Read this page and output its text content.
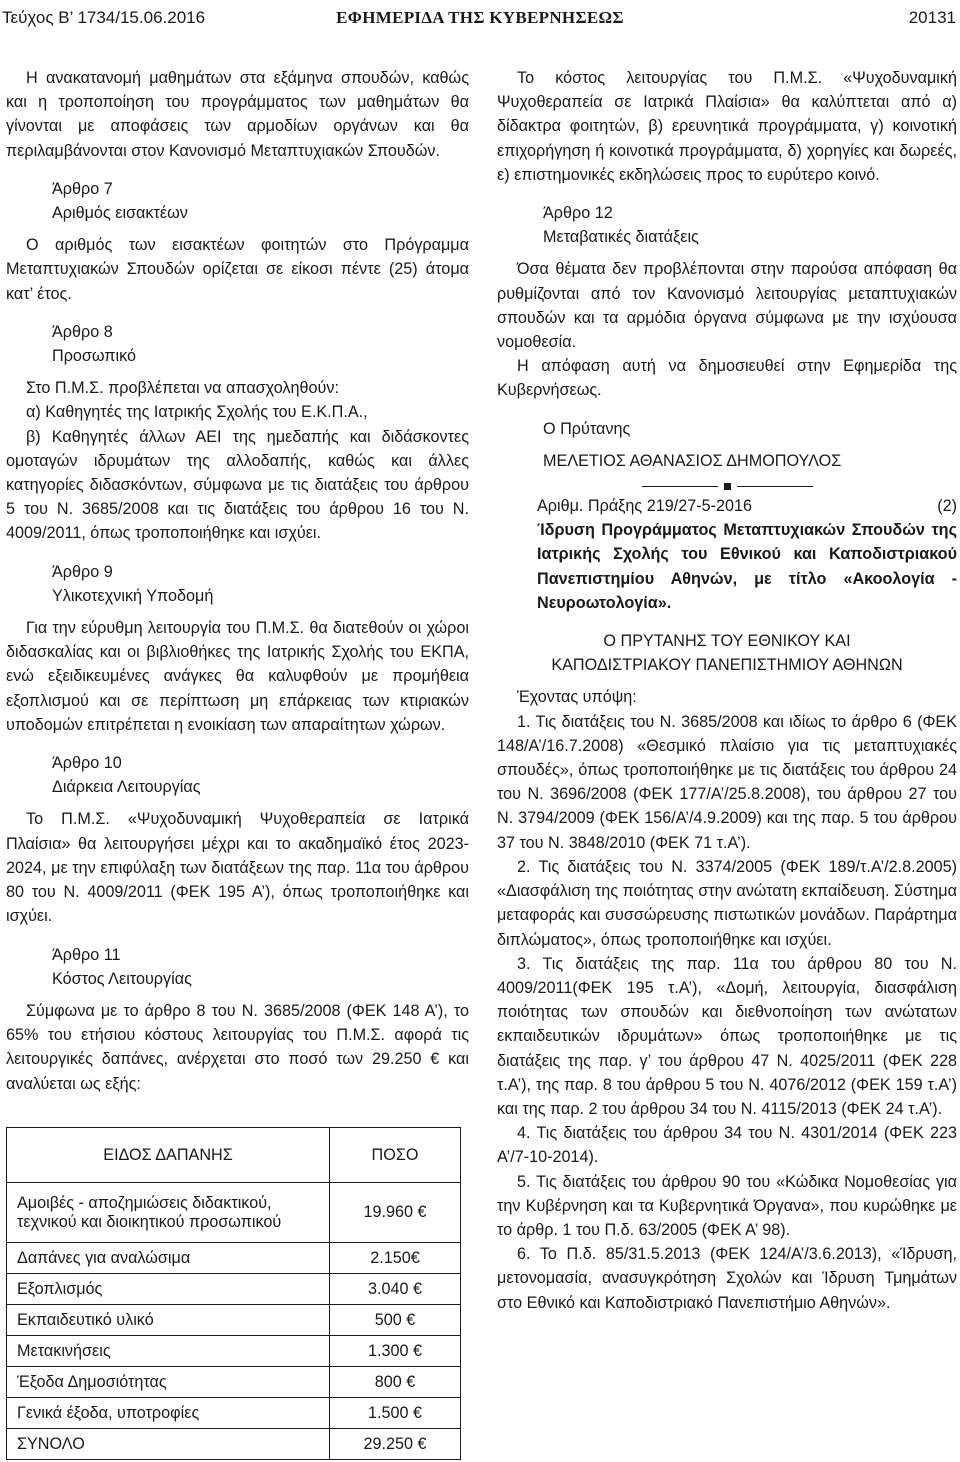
Τεύχος Β’ 1734/15.06.2016	ΕΦΗΜΕΡΙΔΑ ΤΗΣ ΚΥΒΕΡΝΗΣΕΩΣ	20131

Η ανακατανομή μαθημάτων στα εξάμηνα σπουδών, καθώς και η τροποποίηση του προγράμματος των μαθημάτων θα γίνονται με αποφάσεις των αρμοδίων οργάνων και θα περιλαμβάνονται στον Κανονισμό Μεταπτυχιακών Σπουδών.

Άρθρο 7
Αριθμός εισακτέων

Ο αριθμός των εισακτέων φοιτητών στο Πρόγραμμα Μεταπτυχιακών Σπουδών ορίζεται σε είκοσι πέντε (25) άτομα κατ’ έτος.

Άρθρο 8
Προσωπικό

Στο Π.Μ.Σ. προβλέπεται να απασχοληθούν:

α) Καθηγητές της Ιατρικής Σχολής του Ε.Κ.Π.Α.,

β) Καθηγητές άλλων ΑΕΙ της ημεδαπής και διδάσκοντες ομοταγών ιδρυμάτων της αλλοδαπής, καθώς και άλλες κατηγορίες διδασκόντων, σύμφωνα με τις διατάξεις του άρθρου 5 του Ν. 3685/2008 και τις διατάξεις του άρθρου 16 του Ν. 4009/2011, όπως τροποποιήθηκε και ισχύει.

Άρθρο 9
Υλικοτεχνική Υποδομή

Για την εύρυθμη λειτουργία του Π.Μ.Σ. θα διατεθούν οι χώροι διδασκαλίας και οι βιβλιοθήκες της Ιατρικής Σχολής του ΕΚΠΑ, ενώ εξειδικευμένες ανάγκες θα καλυφθούν με προμήθεια εξοπλισμού και σε περίπτωση μη επάρκειας των κτιριακών υποδομών επιτρέπεται η ενοικίαση των απαραίτητων χώρων.

Άρθρο 10
Διάρκεια Λειτουργίας

Το Π.Μ.Σ. «Ψυχοδυναμική Ψυχοθεραπεία σε Ιατρικά Πλαίσια» θα λειτουργήσει μέχρι και το ακαδημαϊκό έτος 2023-2024, με την επιφύλαξη των διατάξεων της παρ. 11α του άρθρου 80 του Ν. 4009/2011 (ΦΕΚ 195 Α’), όπως τροποποιήθηκε και ισχύει.

Άρθρο 11
Κόστος Λειτουργίας

Σύμφωνα με το άρθρο 8 του Ν. 3685/2008 (ΦΕΚ 148 Α’), το 65% του ετήσιου κόστους λειτουργίας του Π.Μ.Σ. αφορά τις λειτουργικές δαπάνες, ανέρχεται στο ποσό των 29.250 € και αναλύεται ως εξής:

ΕΙΔΟΣ ΔΑΠΑΝΗΣ	ΠΟΣΟ
Αμοιβές - αποζημιώσεις διδακτικού, τεχνικού και διοικητικού προσωπικού	19.960 €
Δαπάνες για αναλώσιμα	2.150€
Εξοπλισμός	3.040 €
Εκπαιδευτικό υλικό	500 €
Μετακινήσεις	1.300 €
Έξοδα Δημοσιότητας	800 €
Γενικά έξοδα, υποτροφίες	1.500 €
ΣΥΝΟΛΟ	29.250 €

Το κόστος λειτουργίας του Π.Μ.Σ. «Ψυχοδυναμική Ψυχοθεραπεία σε Ιατρικά Πλαίσια» θα καλύπτεται από α) δίδακτρα φοιτητών, β) ερευνητικά προγράμματα, γ) κοινοτική επιχορήγηση ή κοινοτικά προγράμματα, δ) χορηγίες και δωρεές, ε) επιστημονικές εκδηλώσεις προς το ευρύτερο κοινό.

Άρθρο 12
Μεταβατικές διατάξεις

Όσα θέματα δεν προβλέπονται στην παρούσα απόφαση θα ρυθμίζονται από τον Κανονισμό λειτουργίας μεταπτυχιακών σπουδών και τα αρμόδια όργανα σύμφωνα με την ισχύουσα νομοθεσία.

Η απόφαση αυτή να δημοσιευθεί στην Εφημερίδα της Κυβερνήσεως.

Ο Πρύτανης
ΜΕΛΕΤΙΟΣ ΑΘΑΝΑΣΙΟΣ ΔΗΜΟΠΟΥΛΟΣ
Αριθμ. Πράξης 219/27-5-2016	(2)
Ίδρυση Προγράμματος Μεταπτυχιακών Σπουδών της Ιατρικής Σχολής του Εθνικού και Καποδιστριακού Πανεπιστημίου Αθηνών, με τίτλο «Ακοολογία - Νευροωτολογία».
Ο ΠΡΥΤΑΝΗΣ ΤΟΥ ΕΘΝΙΚΟΥ ΚΑΙ
ΚΑΠΟΔΙΣΤΡΙΑΚΟΥ ΠΑΝΕΠΙΣΤΗΜΙΟΥ ΑΘΗΝΩΝ

Έχοντας υπόψη:

1. Τις διατάξεις του Ν. 3685/2008 και ιδίως το άρθρο 6 (ΦΕΚ 148/Α’/16.7.2008) «Θεσμικό πλαίσιο για τις μεταπτυχιακές σπουδές», όπως τροποποιήθηκε με τις διατάξεις του άρθρου 24 του Ν. 3696/2008 (ΦΕΚ 177/Α’/25.8.2008), του άρθρου 27 του Ν. 3794/2009 (ΦΕΚ 156/Α’/4.9.2009) και της παρ. 5 του άρθρου 37 του Ν. 3848/2010 (ΦΕΚ 71 τ.Α’).

2. Τις διατάξεις του Ν. 3374/2005 (ΦΕΚ 189/τ.Α’/2.8.2005) «Διασφάλιση της ποιότητας στην ανώτατη εκπαίδευση. Σύστημα μεταφοράς και συσσώρευσης πιστωτικών μονάδων. Παράρτημα διπλώματος», όπως τροποποιήθηκε και ισχύει.

3. Τις διατάξεις της παρ. 11α του άρθρου 80 του Ν. 4009/2011(ΦΕΚ 195 τ.Α’), «Δομή, λειτουργία, διασφάλιση ποιότητας των σπουδών και διεθνοποίηση των ανώτατων εκπαιδευτικών ιδρυμάτων» όπως τροποποιήθηκε με τις διατάξεις της παρ. γ’ του άρθρου 47 Ν. 4025/2011 (ΦΕΚ 228 τ.Α’), της παρ. 8 του άρθρου 5 του Ν. 4076/2012 (ΦΕΚ 159 τ.Α’) και της παρ. 2 του άρθρου 34 του Ν. 4115/2013 (ΦΕΚ 24 τ.Α’).

4. Τις διατάξεις του άρθρου 34 του Ν. 4301/2014 (ΦΕΚ 223 Α’/7-10-2014).

5. Τις διατάξεις του άρθρου 90 του «Κώδικα Νομοθεσίας για την Κυβέρνηση και τα Κυβερνητικά Όργανα», που κυρώθηκε με το άρθρ. 1 του Π.δ. 63/2005 (ΦΕΚ Α’ 98).

6. Το Π.δ. 85/31.5.2013 (ΦΕΚ 124/Α’/3.6.2013), «Ίδρυση, μετονομασία, ανασυγκρότηση Σχολών και Ίδρυση Τμημάτων στο Εθνικό και Καποδιστριακό Πανεπιστήμιο Αθηνών».
